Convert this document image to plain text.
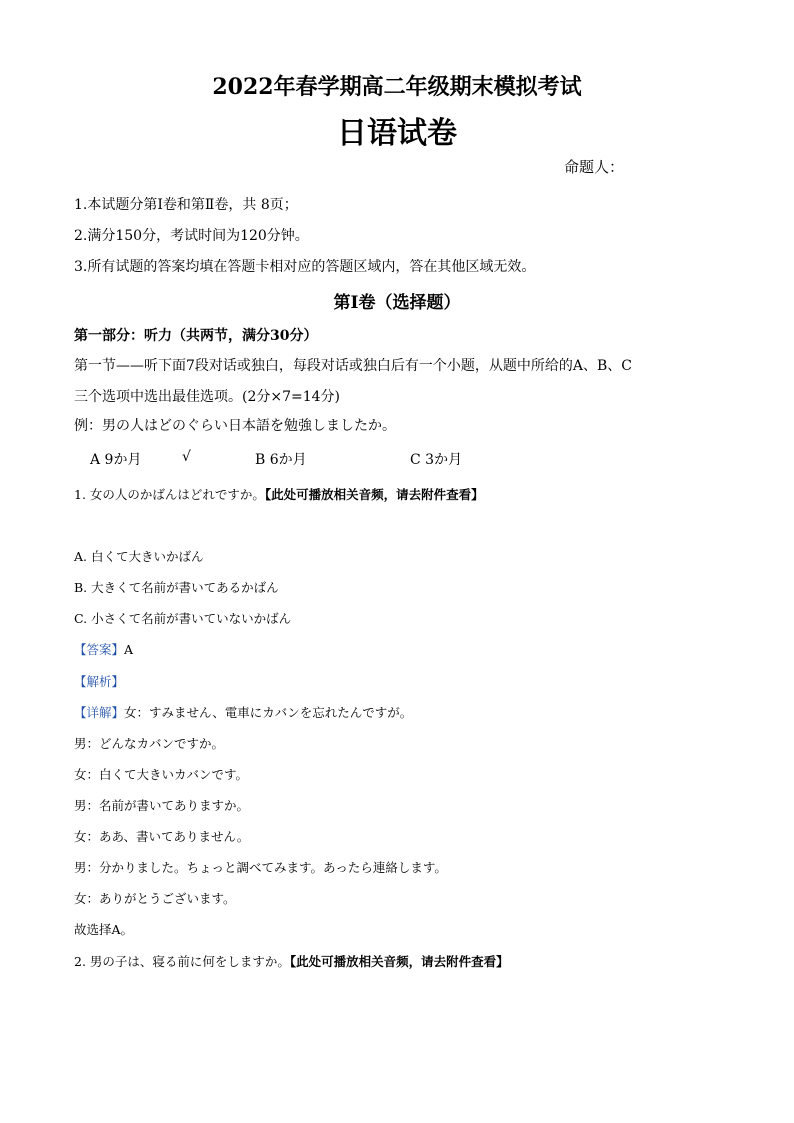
2022年春学期高二年级期末模拟考试
日语试卷
命题人：
1.本试题分第Ⅰ卷和第Ⅱ卷，共 8页；
2.满分150分，考试时间为120分钟。
3.所有试题的答案均填在答题卡相对应的答题区域内，答在其他区域无效。
第Ⅰ卷（选择题）
第一部分：听力（共两节，满分30分）
第一节——听下面7段对话或独白，每段对话或独白后有一个小题，从题中所给的A、B、C
三个选项中选出最佳选项。(2分×7=14分)
例：男の人はどのぐらい日本語を勉強しましたか。
A 9か月	√	B 6か月	C 3か月
1. 女の人のかばんはどれですか。【此处可播放相关音频，请去附件查看】
A. 白くて大きいかばん
B. 大きくて名前が書いてあるかばん
C. 小さくて名前が書いていないかばん
【答案】A
【解析】
【详解】女：すみません、電車にカバンを忘れたんですが。
男：どんなカバンですか。
女：白くて大きいカバンです。
男：名前が書いてありますか。
女：ああ、書いてありません。
男：分かりました。ちょっと調べてみます。あったら連絡します。
女：ありがとうございます。
故选择A。
2. 男の子は、寝る前に何をしますか。【此处可播放相关音频，请去附件查看】
